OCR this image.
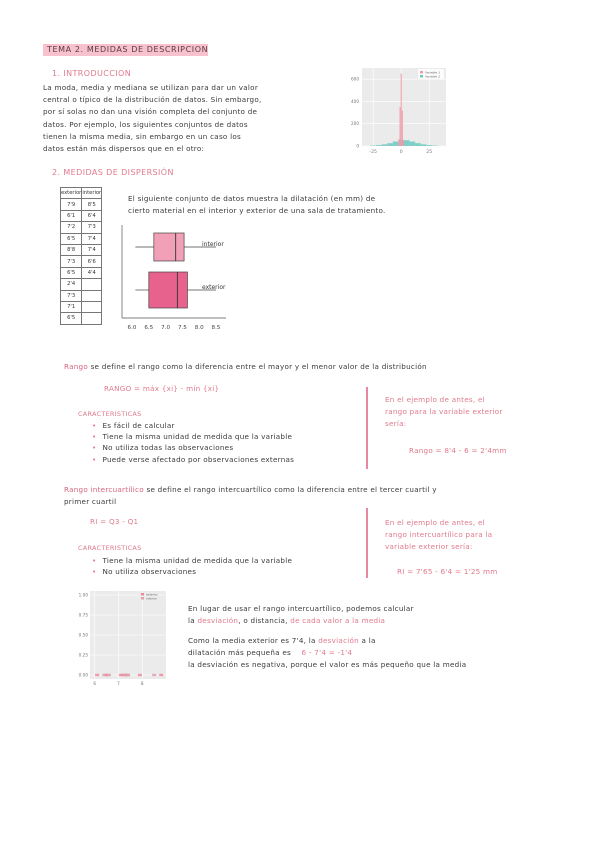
TEMA 2. MEDIDAS DE DESCRIPCION
1. INTRODUCCION
La moda, media y mediana se utilizan para dar un valor
central o típico de la distribución de datos. Sin embargo,
por sí solas no dan una visión completa del conjunto de
datos. Por ejemplo, los siguientes conjuntos de datos
tienen la misma media, sin embargo en un caso los
datos están más dispersos que en el otro:
600
400
200
0
-25	0	25
Variable 1
Variable 2
2. MEDIDAS DE DISPERSIÓN
exterior	interior
7'9	8'5
6'1	6'4
7'2	7'3
6'5	7'4
8'8	7'4
7'3	6'6
6'5	4'4
2'4	
7'3	
7'1	
6'5	
El siguiente conjunto de datos muestra la dilatación (en mm) de
cierto material en el interior y exterior de una sala de tratamiento.
interior
exterior
6.0 6.5 7.0 7.5 8.0 8.5
Rango se define el rango como la diferencia entre el mayor y el menor valor de la distribución
RANGO = máx {xi} - mín {xi}
CARACTERISTICAS
• Es fácil de calcular
• Tiene la misma unidad de medida que la variable
• No utiliza todas las observaciones
• Puede verse afectado por observaciones externas
En el ejemplo de antes, el
rango para la variable exterior
sería:
Rango = 8'4 - 6 = 2'4mm
Rango intercuartílico se define el rango intercuartílico como la diferencia entre el tercer cuartil y
primer cuartil
RI = Q3 - Q1
CARACTERISTICAS
• Tiene la misma unidad de medida que la variable
• No utiliza observaciones
En el ejemplo de antes, el
rango intercuartílico para la
variable exterior sería:
RI = 7'65 - 6'4 = 1'25 mm
1.00
0.75
0.50
0.25
0.00
6	7	8
exterior
interior
En lugar de usar el rango intercuartílico, podemos calcular
la desviación, o distancia, de cada valor a la media
Como la media exterior es 7'4, la desviación a la
dilatación más pequeña es 6 - 7'4 = -1'4
la desviación es negativa, porque el valor es más pequeño que la media
